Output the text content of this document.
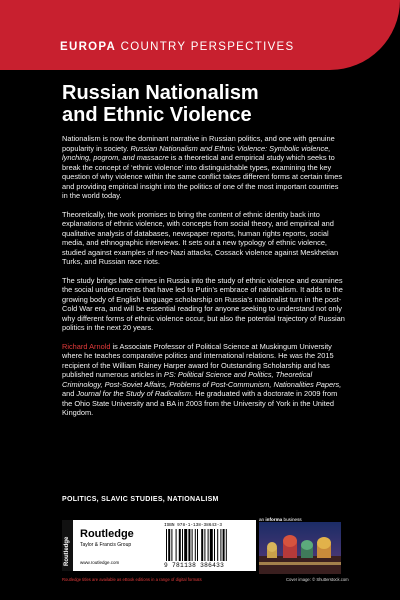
EUROPA COUNTRY PERSPECTIVES
Russian Nationalism
and Ethnic Violence

Nationalism is now the dominant narrative in Russian politics, and one with genuine popularity in society. Russian Nationalism and Ethnic Violence: Symbolic violence, lynching, pogrom, and massacre is a theoretical and empirical study which seeks to break the concept of ‘ethnic violence’ into distinguishable types, examining the key question of why violence within the same conflict takes different forms at certain times and providing empirical insight into the politics of one of the most important countries in the world today.

Theoretically, the work promises to bring the content of ethnic identity back into explanations of ethnic violence, with concepts from social theory, and empirical and qualitative analysis of databases, newspaper reports, human rights reports, social media, and ethnographic interviews. It sets out a new typology of ethnic violence, studied against examples of neo-Nazi attacks, Cossack violence against Meskhetian Turks, and Russian race riots.

The study brings hate crimes in Russia into the study of ethnic violence and examines the social undercurrents that have led to Putin’s embrace of nationalism. It adds to the growing body of English language scholarship on Russia’s nationalist turn in the post-Cold War era, and will be essential reading for anyone seeking to understand not only why different forms of ethnic violence occur, but also the potential trajectory of Russian politics in the next 20 years.

Richard Arnold is Associate Professor of Political Science at Muskingum University where he teaches comparative politics and international relations. He was the 2015 recipient of the William Rainey Harper award for Outstanding Scholarship and has published numerous articles in PS: Political Science and Politics, Theoretical Criminology, Post-Soviet Affairs, Problems of Post-Communism, Nationalities Papers, and Journal for the Study of Radicalism. He graduated with a doctorate in 2009 from the Ohio State University and a BA in 2003 from the University of York in the United Kingdom.

POLITICS, SLAVIC STUDIES, NATIONALISM
an informa business
Routledge
Routledge
Taylor & Francis Group
www.routledge.com
ISBN 978-1-138-38643-3
9 781138 386433
Routledge titles are available as eBook editions in a range of digital formats	Cover image: © Shutterstock.com
